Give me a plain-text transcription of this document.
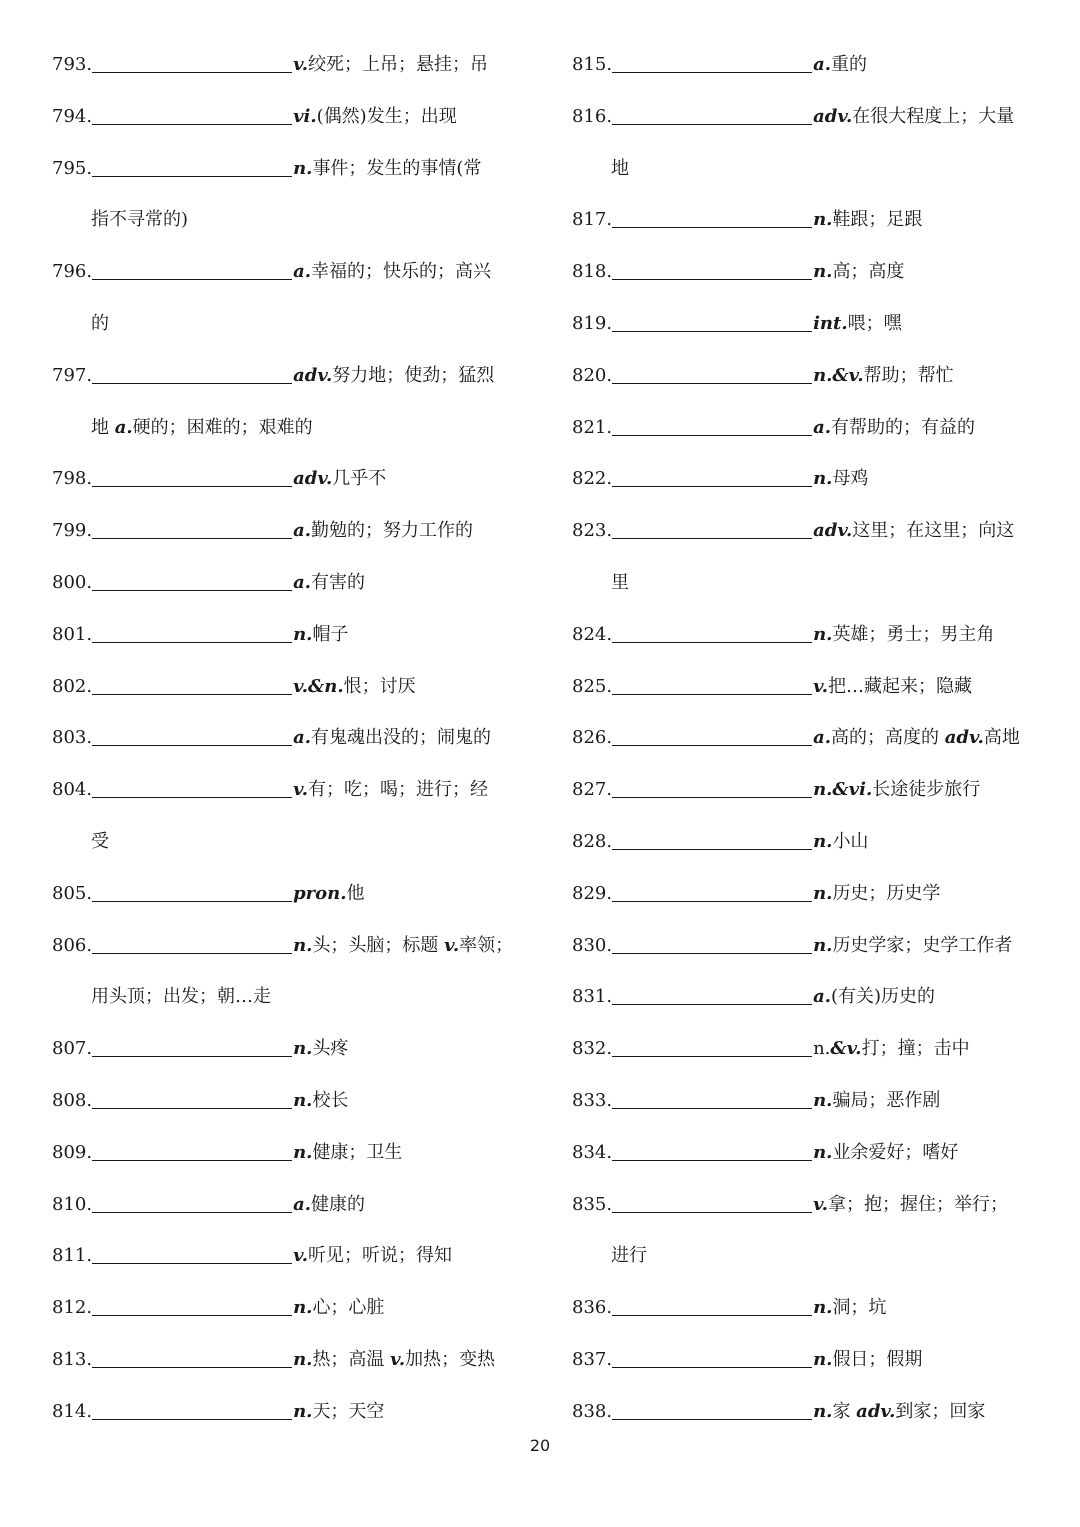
793.	v.绞死；上吊；悬挂；吊
794.	vi.(偶然)发生；出现
795.	n.事件；发生的事情(常
指不寻常的)
796.	a.幸福的；快乐的；高兴
的
797.	adv.努力地；使劲；猛烈
地 a.硬的；困难的；艰难的
798.	adv.几乎不
799.	a.勤勉的；努力工作的
800.	a.有害的
801.	n.帽子
802.	v.&n.恨；讨厌
803.	a.有鬼魂出没的；闹鬼的
804.	v.有；吃；喝；进行；经
受
805.	pron.他
806.	n.头；头脑；标题 v.率领；
用头顶；出发；朝…走
807.	n.头疼
808.	n.校长
809.	n.健康；卫生
810.	a.健康的
811.	v.听见；听说；得知
812.	n.心；心脏
813.	n.热；高温 v.加热；变热
814.	n.天；天空
815.	a.重的
816.	adv.在很大程度上；大量
地
817.	n.鞋跟；足跟
818.	n.高；高度
819.	int.喂；嘿
820.	n.&v.帮助；帮忙
821.	a.有帮助的；有益的
822.	n.母鸡
823.	adv.这里；在这里；向这
里
824.	n.英雄；勇士；男主角
825.	v.把…藏起来；隐藏
826.	a.高的；高度的 adv.高地
827.	n.&vi.长途徒步旅行
828.	n.小山
829.	n.历史；历史学
830.	n.历史学家；史学工作者
831.	a.(有关)历史的
832.	n.&v.打；撞；击中
833.	n.骗局；恶作剧
834.	n.业余爱好；嗜好
835.	v.拿；抱；握住；举行；
进行
836.	n.洞；坑
837.	n.假日；假期
838.	n.家 adv.到家；回家
20
